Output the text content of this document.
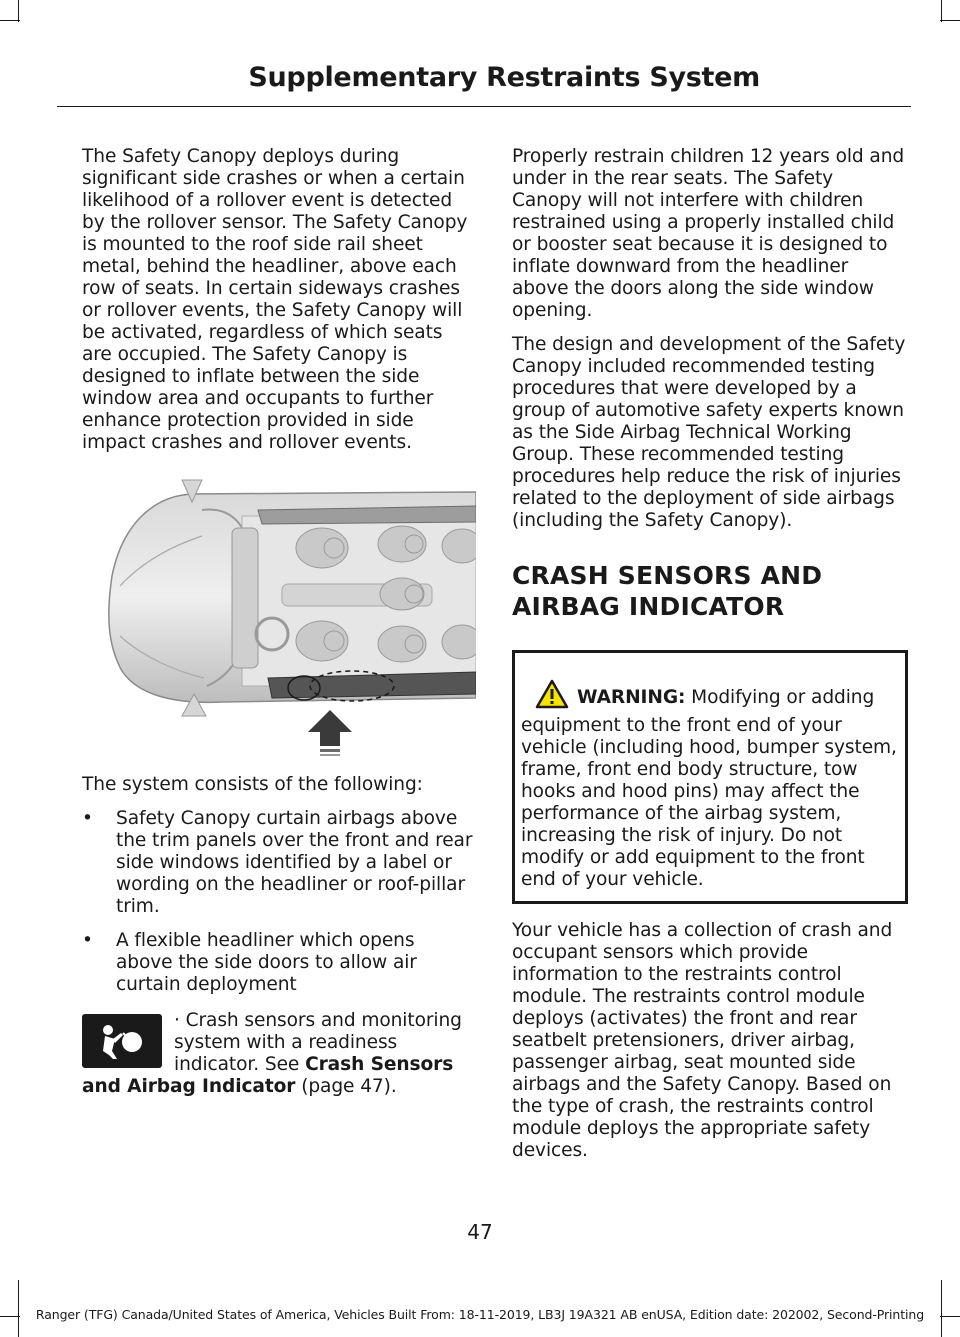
Supplementary Restraints System

The Safety Canopy deploys during significant side crashes or when a certain likelihood of a rollover event is detected by the rollover sensor. The Safety Canopy is mounted to the roof side rail sheet metal, behind the headliner, above each row of seats. In certain sideways crashes or rollover events, the Safety Canopy will be activated, regardless of which seats are occupied. The Safety Canopy is designed to inflate between the side window area and occupants to further enhance protection provided in side impact crashes and rollover events.

The system consists of the following:

• Safety Canopy curtain airbags above the trim panels over the front and rear side windows identified by a label or wording on the headliner or roof-pillar trim.
• A flexible headliner which opens above the side doors to allow air curtain deployment
· Crash sensors and monitoring system with a readiness indicator. See Crash Sensors and Airbag Indicator (page 47).

Properly restrain children 12 years old and under in the rear seats. The Safety Canopy will not interfere with children restrained using a properly installed child or booster seat because it is designed to inflate downward from the headliner above the doors along the side window opening.

The design and development of the Safety Canopy included recommended testing procedures that were developed by a group of automotive safety experts known as the Side Airbag Technical Working Group. These recommended testing procedures help reduce the risk of injuries related to the deployment of side airbags (including the Safety Canopy).

CRASH SENSORS AND
AIRBAG INDICATOR
WARNING: Modifying or adding equipment to the front end of your vehicle (including hood, bumper system, frame, front end body structure, tow hooks and hood pins) may affect the performance of the airbag system, increasing the risk of injury. Do not modify or add equipment to the front end of your vehicle.

Your vehicle has a collection of crash and occupant sensors which provide information to the restraints control module. The restraints control module deploys (activates) the front and rear seatbelt pretensioners, driver airbag, passenger airbag, seat mounted side airbags and the Safety Canopy. Based on the type of crash, the restraints control module deploys the appropriate safety devices.

47
Ranger (TFG) Canada/United States of America, Vehicles Built From: 18-11-2019, LB3J 19A321 AB enUSA, Edition date: 202002, Second-Printing
